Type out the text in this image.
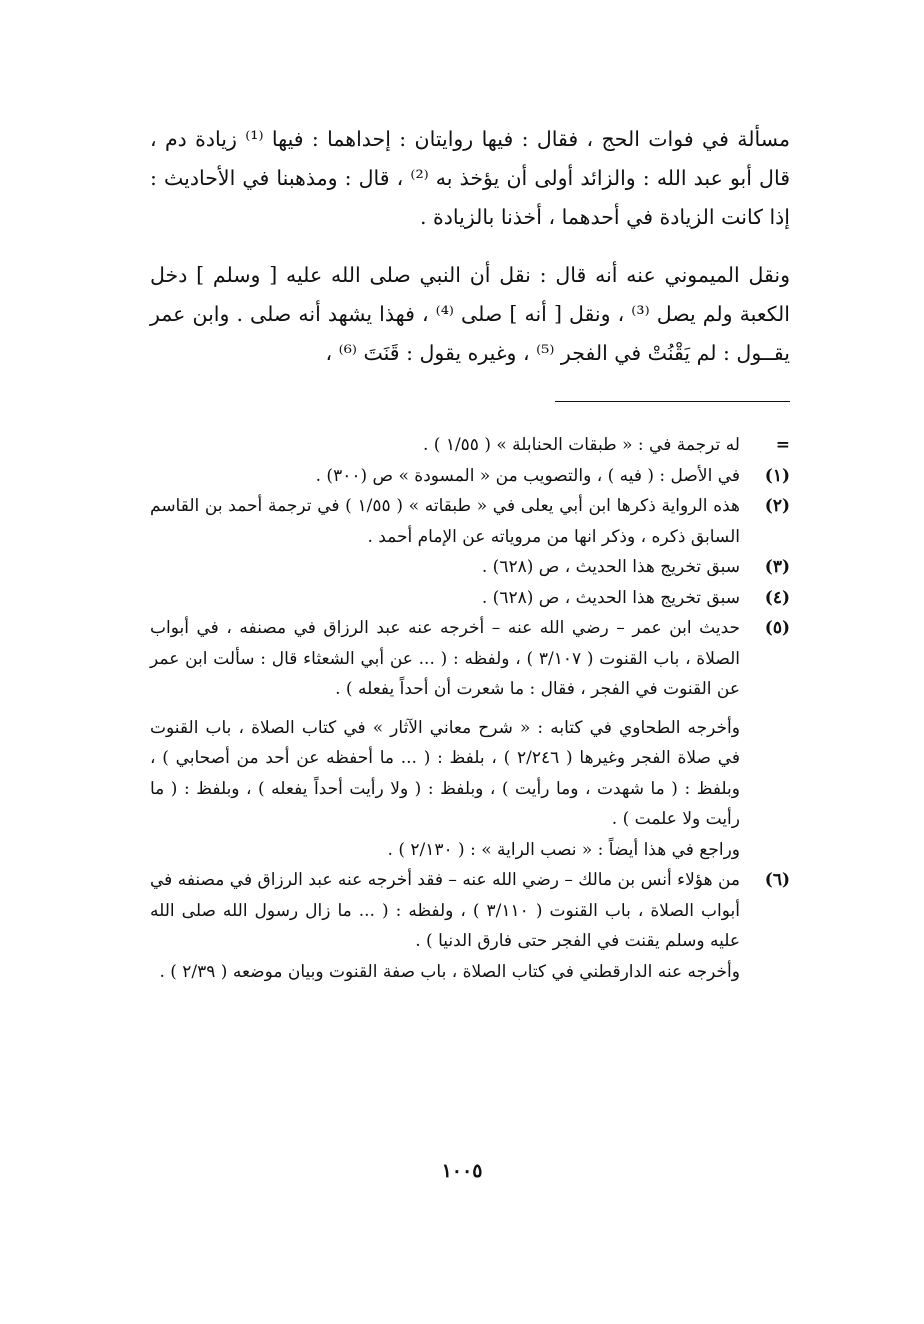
مسألة في فوات الحج ، فقال : فيها روايتان : إحداهما : فيها ⁽¹⁾ زيادة دم ، قال أبو عبد الله : والزائد أولى أن يؤخذ به ⁽²⁾ ، قال : ومذهبنا في الأحاديث : إذا كانت الزيادة في أحدهما ، أخذنا بالزيادة .

ونقل الميموني عنه أنه قال : نقل أن النبي صلى الله عليه [ وسلم ] دخل الكعبة ولم يصل ⁽³⁾ ، ونقل [ أنه ] صلى ⁽⁴⁾ ، فهذا يشهد أنه صلى . وابن عمر يقــول : لم يَقْنُتْ في الفجر ⁽⁵⁾ ، وغيره يقول : قَنَتَ ⁽⁶⁾ ،

=
له ترجمة في : « طبقات الحنابلة » ( ١/٥٥ ) .
(١)
في الأصل : ( فيه ) ، والتصويب من « المسودة » ص (٣٠٠) .
(٢)
هذه الرواية ذكرها ابن أبي يعلى في « طبقاته » ( ١/٥٥ ) في ترجمة أحمد بن القاسم السابق ذكره ، وذكر انها من مروياته عن الإمام أحمد .
(٣)
سبق تخريج هذا الحديث ، ص (٦٢٨) .
(٤)
سبق تخريج هذا الحديث ، ص (٦٢٨) .
(٥)
حديث ابن عمر – رضي الله عنه – أخرجه عنه عبد الرزاق في مصنفه ، في أبواب الصلاة ، باب القنوت ( ٣/١٠٧ ) ، ولفظه : ( ... عن أبي الشعثاء قال : سألت ابن عمر عن القنوت في الفجر ، فقال : ما شعرت أن أحداً يفعله ) .
وأخرجه الطحاوي في كتابه : « شرح معاني الآثار » في كتاب الصلاة ، باب القنوت في صلاة الفجر وغيرها ( ٢/٢٤٦ ) ، بلفظ : ( ... ما أحفظه عن أحد من أصحابي ) ، وبلفظ : ( ما شهدت ، وما رأيت ) ، وبلفظ : ( ولا رأيت أحداً يفعله ) ، وبلفظ : ( ما رأيت ولا علمت ) .
وراجع في هذا أيضاً : « نصب الراية » : ( ٢/١٣٠ ) .
(٦)
من هؤلاء أنس بن مالك – رضي الله عنه – فقد أخرجه عنه عبد الرزاق في مصنفه في أبواب الصلاة ، باب القنوت ( ٣/١١٠ ) ، ولفظه : ( ... ما زال رسول الله صلى الله عليه وسلم يقنت في الفجر حتى فارق الدنيا ) .
وأخرجه عنه الدارقطني في كتاب الصلاة ، باب صفة القنوت وبيان موضعه ( ٢/٣٩ ) .
١٠٠٥
